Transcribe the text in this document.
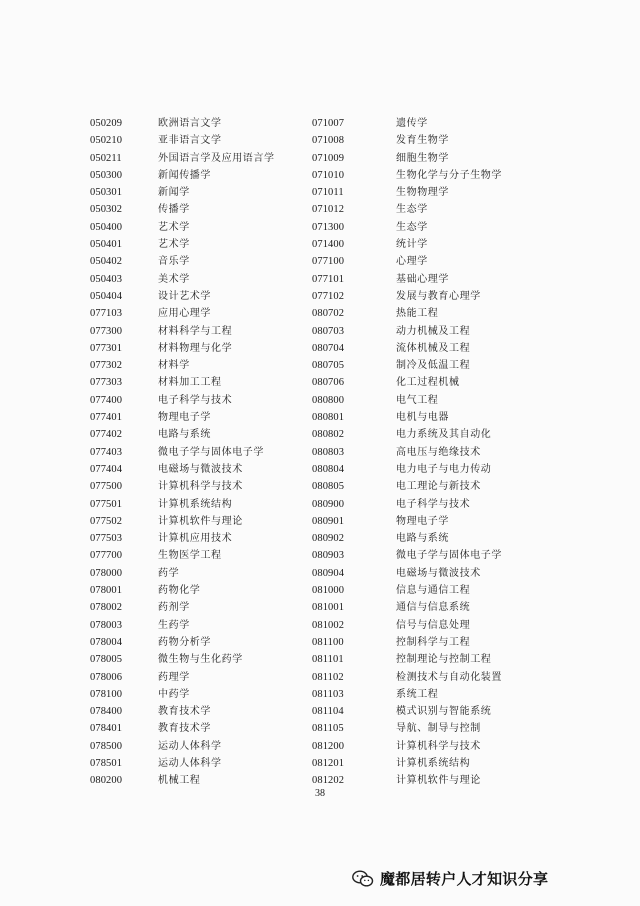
050209	欧洲语言文学
050210	亚非语言文学
050211	外国语言学及应用语言学
050300	新闻传播学
050301	新闻学
050302	传播学
050400	艺术学
050401	艺术学
050402	音乐学
050403	美术学
050404	设计艺术学
077103	应用心理学
077300	材料科学与工程
077301	材料物理与化学
077302	材料学
077303	材料加工工程
077400	电子科学与技术
077401	物理电子学
077402	电路与系统
077403	微电子学与固体电子学
077404	电磁场与微波技术
077500	计算机科学与技术
077501	计算机系统结构
077502	计算机软件与理论
077503	计算机应用技术
077700	生物医学工程
078000	药学
078001	药物化学
078002	药剂学
078003	生药学
078004	药物分析学
078005	微生物与生化药学
078006	药理学
078100	中药学
078400	教育技术学
078401	教育技术学
078500	运动人体科学
078501	运动人体科学
080200	机械工程
071007	遗传学
071008	发育生物学
071009	细胞生物学
071010	生物化学与分子生物学
071011	生物物理学
071012	生态学
071300	生态学
071400	统计学
077100	心理学
077101	基础心理学
077102	发展与教育心理学
080702	热能工程
080703	动力机械及工程
080704	流体机械及工程
080705	制冷及低温工程
080706	化工过程机械
080800	电气工程
080801	电机与电器
080802	电力系统及其自动化
080803	高电压与绝缘技术
080804	电力电子与电力传动
080805	电工理论与新技术
080900	电子科学与技术
080901	物理电子学
080902	电路与系统
080903	微电子学与固体电子学
080904	电磁场与微波技术
081000	信息与通信工程
081001	通信与信息系统
081002	信号与信息处理
081100	控制科学与工程
081101	控制理论与控制工程
081102	检测技术与自动化装置
081103	系统工程
081104	模式识别与智能系统
081105	导航、制导与控制
081200	计算机科学与技术
081201	计算机系统结构
081202	计算机软件与理论
38
魔都居转户人才知识分享
